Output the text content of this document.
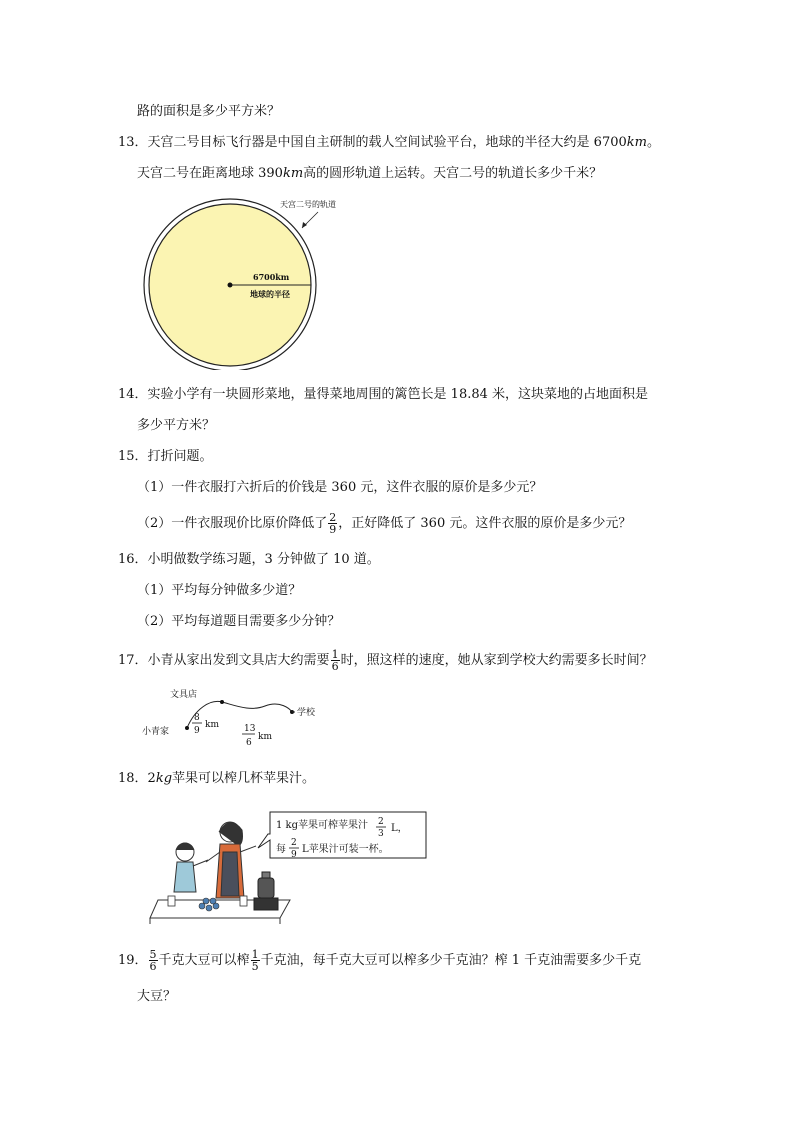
路的面积是多少平方米？
13．天宫二号目标飞行器是中国自主研制的载人空间试验平台，地球的半径大约是 6700km。
天宫二号在距离地球 390km高的圆形轨道上运转。天宫二号的轨道长多少千米？
天宫二号的轨道
6700km
地球的半径
14．实验小学有一块圆形菜地，量得菜地周围的篱笆长是 18.84 米，这块菜地的占地面积是
多少平方米？
15．打折问题。
（1）一件衣服打六折后的价钱是 360 元，这件衣服的原价是多少元？
（2）一件衣服现价比原价降低了 $\frac{2}{9}$ ，正好降低了 360 元。这件衣服的原价是多少元？
16．小明做数学练习题，3 分钟做了 10 道。
（1）平均每分钟做多少道？
（2）平均每道题目需要多少分钟？
17．小青从家出发到文具店大约需要 $\frac{1}{6}$ 时，照这样的速度，她从家到学校大约需要多长时间？
文具店
学校
小青家
8
9
km	13
6
km
18．2kg苹果可以榨几杯苹果汁。
1 kg苹果可榨苹果汁 2
3 L，
每
2
9 L苹果汁可装一杯。
19． $\frac{5}{6}$ 千克大豆可以榨 $\frac{1}{5}$ 千克油，每千克大豆可以榨多少千克油？榨 1 千克油需要多少千克
大豆？
